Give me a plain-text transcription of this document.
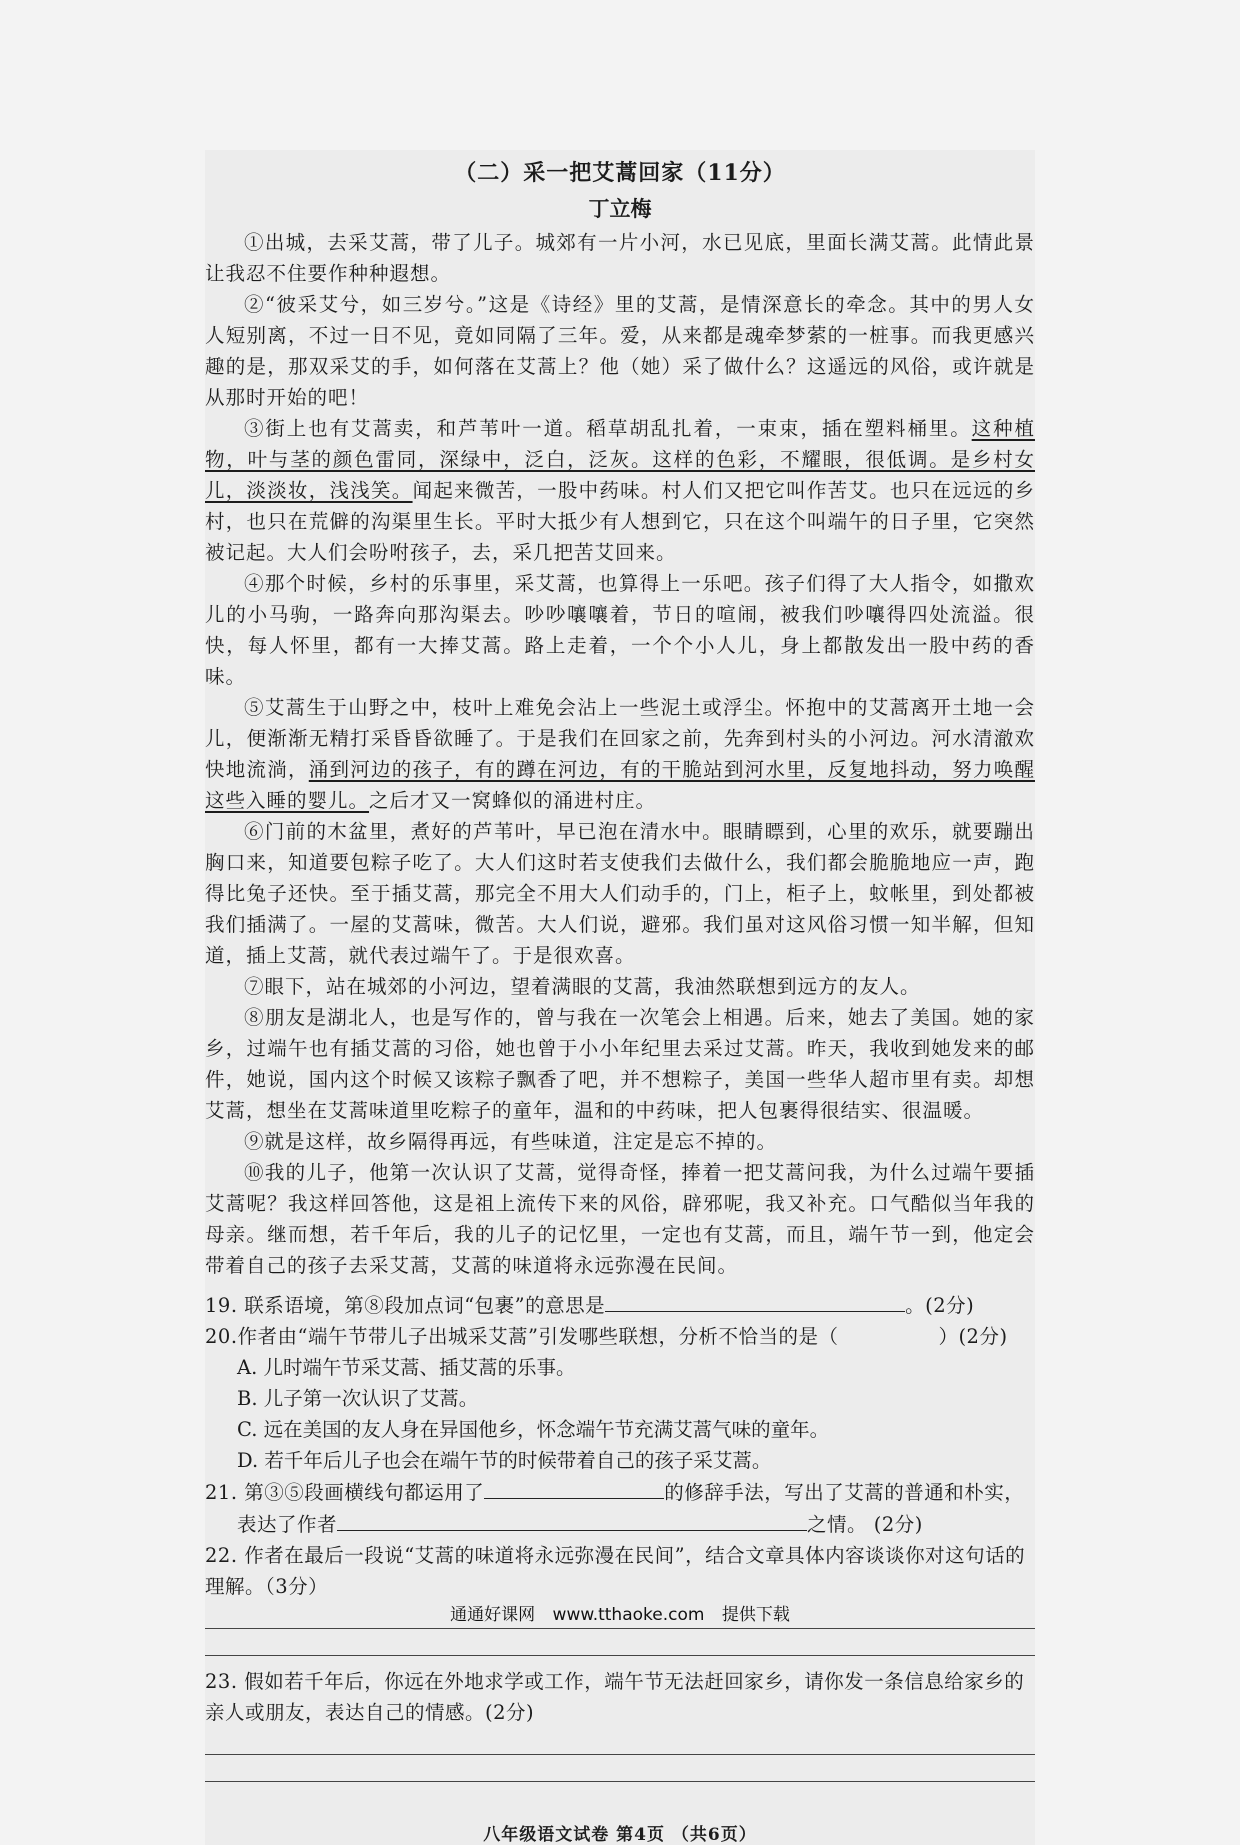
（二）采一把艾蒿回家（11分）
丁立梅

①出城，去采艾蒿，带了儿子。城郊有一片小河，水已见底，里面长满艾蒿。此情此景让我忍不住要作种种遐想。

②“彼采艾兮，如三岁兮。”这是《诗经》里的艾蒿，是情深意长的牵念。其中的男人女人短别离，不过一日不见，竟如同隔了三年。爱，从来都是魂牵梦萦的一桩事。而我更感兴趣的是，那双采艾的手，如何落在艾蒿上？他（她）采了做什么？这遥远的风俗，或许就是从那时开始的吧！

③街上也有艾蒿卖，和芦苇叶一道。稻草胡乱扎着，一束束，插在塑料桶里。这种植物，叶与茎的颜色雷同，深绿中，泛白，泛灰。这样的色彩，不耀眼，很低调。是乡村女儿，淡淡妆，浅浅笑。闻起来微苦，一股中药味。村人们又把它叫作苦艾。也只在远远的乡村，也只在荒僻的沟渠里生长。平时大抵少有人想到它，只在这个叫端午的日子里，它突然被记起。大人们会吩咐孩子，去，采几把苦艾回来。

④那个时候，乡村的乐事里，采艾蒿，也算得上一乐吧。孩子们得了大人指令，如撒欢儿的小马驹，一路奔向那沟渠去。吵吵嚷嚷着，节日的喧闹，被我们吵嚷得四处流溢。很快，每人怀里，都有一大捧艾蒿。路上走着，一个个小人儿，身上都散发出一股中药的香味。

⑤艾蒿生于山野之中，枝叶上难免会沾上一些泥土或浮尘。怀抱中的艾蒿离开土地一会儿，便渐渐无精打采昏昏欲睡了。于是我们在回家之前，先奔到村头的小河边。河水清澈欢快地流淌，涌到河边的孩子，有的蹲在河边，有的干脆站到河水里，反复地抖动，努力唤醒这些入睡的婴儿。之后才又一窝蜂似的涌进村庄。

⑥门前的木盆里，煮好的芦苇叶，早已泡在清水中。眼睛瞟到，心里的欢乐，就要蹦出胸口来，知道要包粽子吃了。大人们这时若支使我们去做什么，我们都会脆脆地应一声，跑得比兔子还快。至于插艾蒿，那完全不用大人们动手的，门上，柜子上，蚊帐里，到处都被我们插满了。一屋的艾蒿味，微苦。大人们说，避邪。我们虽对这风俗习惯一知半解，但知道，插上艾蒿，就代表过端午了。于是很欢喜。

⑦眼下，站在城郊的小河边，望着满眼的艾蒿，我油然联想到远方的友人。

⑧朋友是湖北人，也是写作的，曾与我在一次笔会上相遇。后来，她去了美国。她的家乡，过端午也有插艾蒿的习俗，她也曾于小小年纪里去采过艾蒿。昨天，我收到她发来的邮件，她说，国内这个时候又该粽子飘香了吧，并不想粽子，美国一些华人超市里有卖。却想艾蒿，想坐在艾蒿味道里吃粽子的童年，温和的中药味，把人包裹得很结实、很温暖。

⑨就是这样，故乡隔得再远，有些味道，注定是忘不掉的。

⑩我的儿子，他第一次认识了艾蒿，觉得奇怪，捧着一把艾蒿问我，为什么过端午要插艾蒿呢？我这样回答他，这是祖上流传下来的风俗，辟邪呢，我又补充。口气酷似当年我的母亲。继而想，若千年后，我的儿子的记忆里，一定也有艾蒿，而且，端午节一到，他定会带着自己的孩子去采艾蒿，艾蒿的味道将永远弥漫在民间。

19. 联系语境，第⑧段加点词“包裹”的意思是	。(2分)

20.作者由“端午节带儿子出城采艾蒿”引发哪些联想，分析不恰当的是（	）(2分)

A. 儿时端午节采艾蒿、插艾蒿的乐事。

B. 儿子第一次认识了艾蒿。

C. 远在美国的友人身在异国他乡，怀念端午节充满艾蒿气味的童年。

D. 若千年后儿子也会在端午节的时候带着自己的孩子采艾蒿。

21. 第③⑤段画横线句都运用了	的修辞手法，写出了艾蒿的普通和朴实，

表达了作者	之情。 (2分)

22. 作者在最后一段说“艾蒿的味道将永远弥漫在民间”，结合文章具体内容谈谈你对这句话的理解。（3分）

23. 假如若千年后，你远在外地求学或工作，端午节无法赶回家乡，请你发一条信息给家乡的亲人或朋友，表达自己的情感。(2分)

八年级语文试卷 第4页 （共6页）
通通好课网 www.tthaoke.com 提供下载
